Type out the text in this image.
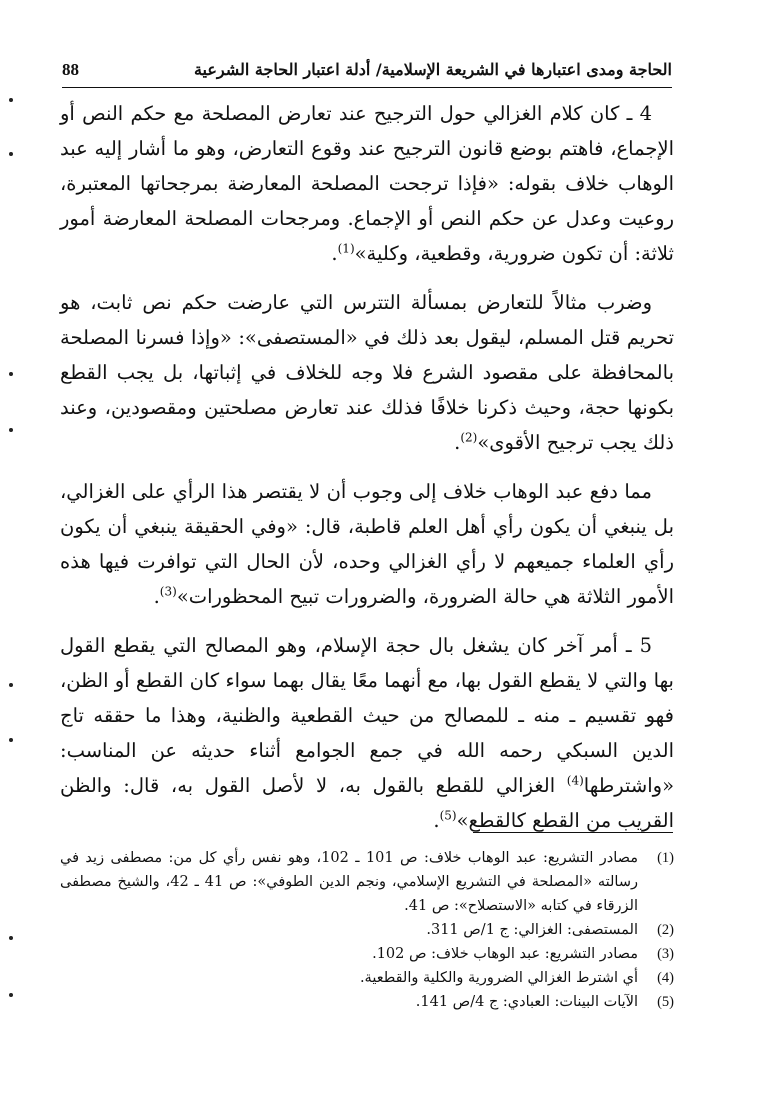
الحاجة ومدى اعتبارها في الشريعة الإسلامية/ أدلة اعتبار الحاجة الشرعية
88

4 ـ كان كلام الغزالي حول الترجيح عند تعارض المصلحة مع حكم النص أو الإجماع، فاهتم بوضع قانون الترجيح عند وقوع التعارض، وهو ما أشار إليه عبد الوهاب خلاف بقوله: «فإذا ترجحت المصلحة المعارضة بمرجحاتها المعتبرة، روعيت وعدل عن حكم النص أو الإجماع. ومرجحات المصلحة المعارضة أمور ثلاثة: أن تكون ضرورية، وقطعية، وكلية»$^{(1)}$.

وضرب مثالاً للتعارض بمسألة التترس التي عارضت حكم نص ثابت، هو تحريم قتل المسلم، ليقول بعد ذلك في «المستصفى»: «وإذا فسرنا المصلحة بالمحافظة على مقصود الشرع فلا وجه للخلاف في إثباتها، بل يجب القطع بكونها حجة، وحيث ذكرنا خلافًا فذلك عند تعارض مصلحتين ومقصودين، وعند ذلك يجب ترجيح الأقوى»$^{(2)}$.

مما دفع عبد الوهاب خلاف إلى وجوب أن لا يقتصر هذا الرأي على الغزالي، بل ينبغي أن يكون رأي أهل العلم قاطبة، قال: «وفي الحقيقة ينبغي أن يكون رأي العلماء جميعهم لا رأي الغزالي وحده، لأن الحال التي توافرت فيها هذه الأمور الثلاثة هي حالة الضرورة، والضرورات تبيح المحظورات»$^{(3)}$.

5 ـ أمر آخر كان يشغل بال حجة الإسلام، وهو المصالح التي يقطع القول بها والتي لا يقطع القول بها، مع أنهما معًا يقال بهما سواء كان القطع أو الظن، فهو تقسيم ـ منه ـ للمصالح من حيث القطعية والظنية، وهذا ما حققه تاج الدين السبكي رحمه الله في جمع الجوامع أثناء حديثه عن المناسب: «واشترطها$^{(4)}$ الغزالي للقطع بالقول به، لا لأصل القول به، قال: والظن القريب من القطع كالقطع»$^{(5)}$.

(1)
مصادر التشريع: عبد الوهاب خلاف: ص 101 ـ 102، وهو نفس رأي كل من: مصطفى زيد في رسالته «المصلحة في التشريع الإسلامي، ونجم الدين الطوفي»: ص 41 ـ 42، والشيخ مصطفى الزرقاء في كتابه «الاستصلاح»: ص 41.
(2)
المستصفى: الغزالي: ج 1/ص 311.
(3)
مصادر التشريع: عبد الوهاب خلاف: ص 102.
(4)
أي اشترط الغزالي الضرورية والكلية والقطعية.
(5)
الآيات البينات: العبادي: ج 4/ص 141.
